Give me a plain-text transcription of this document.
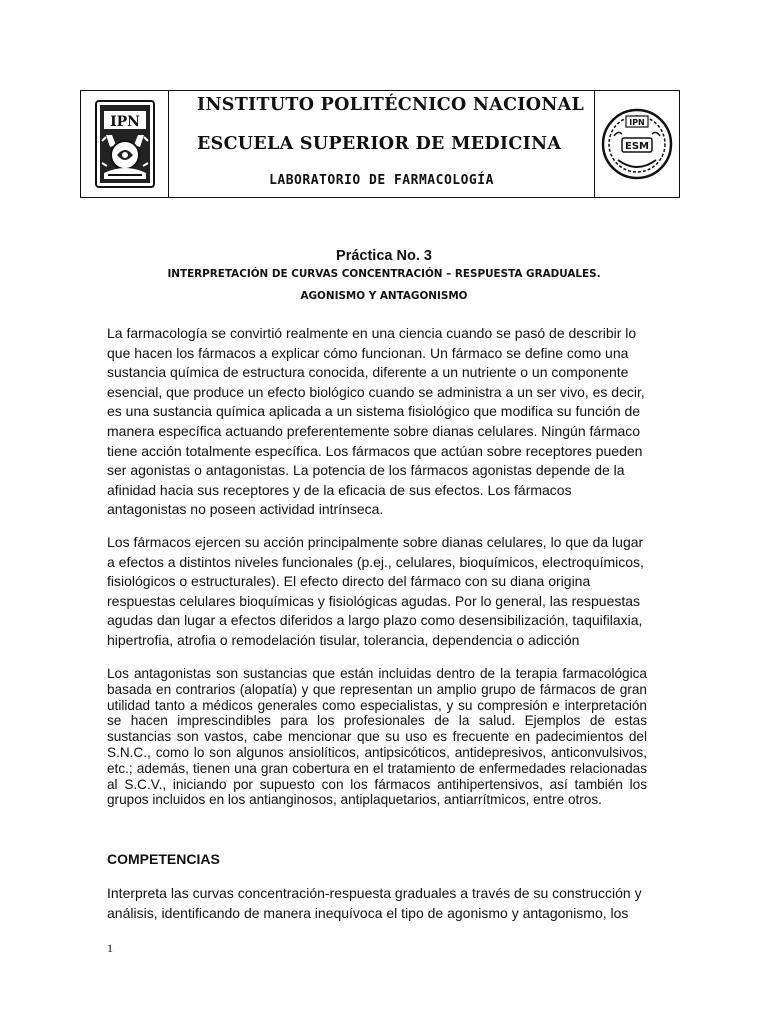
IPN
INSTITUTO POLITÉCNICO NACIONAL
ESCUELA SUPERIOR DE MEDICINA
LABORATORIO DE FARMACOLOGÍA
IPN
ESM
Práctica No. 3
INTERPRETACIÓN DE CURVAS CONCENTRACIÓN – RESPUESTA GRADUALES.
AGONISMO Y ANTAGONISMO

La farmacología se convirtió realmente en una ciencia cuando se pasó de describir lo que hacen los fármacos a explicar cómo funcionan. Un fármaco se define como una sustancia química de estructura conocida, diferente a un nutriente o un componente esencial, que produce un efecto biológico cuando se administra a un ser vivo, es decir, es una sustancia química aplicada a un sistema fisiológico que modifica su función de manera específica actuando preferentemente sobre dianas celulares. Ningún fármaco tiene acción totalmente específica. Los fármacos que actúan sobre receptores pueden ser agonistas o antagonistas. La potencia de los fármacos agonistas depende de la afinidad hacia sus receptores y de la eficacia de sus efectos. Los fármacos antagonistas no poseen actividad intrínseca.

Los fármacos ejercen su acción principalmente sobre dianas celulares, lo que da lugar a efectos a distintos niveles funcionales (p.ej., celulares, bioquímicos, electroquímicos, fisiológicos o estructurales). El efecto directo del fármaco con su diana origina respuestas celulares bioquímicas y fisiológicas agudas. Por lo general, las respuestas agudas dan lugar a efectos diferidos a largo plazo como desensibilización, taquifilaxia, hipertrofia, atrofia o remodelación tisular, tolerancia, dependencia o adicción

Los antagonistas son sustancias que están incluidas dentro de la terapia farmacológica basada en contrarios (alopatía) y que representan un amplio grupo de fármacos de gran utilidad tanto a médicos generales como especialistas, y su compresión e interpretación se hacen imprescindibles para los profesionales de la salud. Ejemplos de estas sustancias son vastos, cabe mencionar que su uso es frecuente en padecimientos del S.N.C., como lo son algunos ansiolíticos, antipsicóticos, antidepresivos, anticonvulsivos, etc.; además, tienen una gran cobertura en el tratamiento de enfermedades relacionadas al S.C.V., iniciando por supuesto con los fármacos antihipertensivos, así también los grupos incluidos en los antianginosos, antiplaquetarios, antiarrítmicos, entre otros.

COMPETENCIAS

Interpreta las curvas concentración-respuesta graduales a través de su construcción y análisis, identificando de manera inequívoca el tipo de agonismo y antagonismo, los

1
